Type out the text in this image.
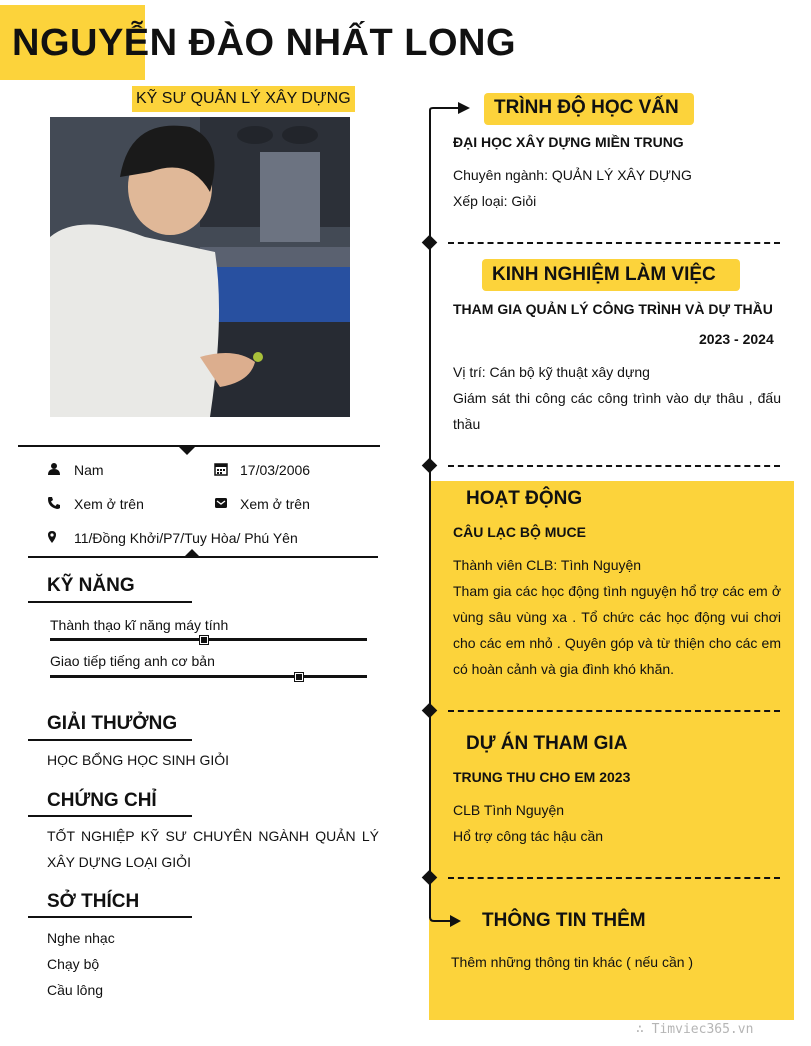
NGUYỄN ĐÀO NHẤT LONG
KỸ SƯ QUẢN LÝ XÂY DỰNG
Nam	17/03/2006
Xem ở trên	Xem ở trên
11/Đồng Khởi/P7/Tuy Hòa/ Phú Yên
KỸ NĂNG
Thành thạo kĩ năng máy tính
Giao tiếp tiếng anh cơ bản
GIẢI THƯỞNG
HỌC BỔNG HỌC SINH GIỎI
CHỨNG CHỈ
TỐT NGHIỆP KỸ SƯ CHUYÊN NGÀNH QUẢN LÝ XÂY DỰNG LOẠI GIỎI
SỞ THÍCH
Nghe nhạc
Chạy bộ
Cầu lông
TRÌNH ĐỘ HỌC VẤN
ĐẠI HỌC XÂY DỰNG MIỀN TRUNG
Chuyên ngành: QUẢN LÝ XÂY DỰNG
Xếp loại: Giỏi
KINH NGHIỆM LÀM VIỆC
THAM GIA QUẢN LÝ CÔNG TRÌNH VÀ DỰ THẦU
2023 - 2024
Vị trí: Cán bộ kỹ thuật xây dựng
Giám sát thi công các công trình vào dự thâu , đấu thầu
HOẠT ĐỘNG
CÂU LẠC BỘ MUCE
Thành viên CLB: Tình Nguyện
Tham gia các học động tình nguyện hổ trợ các em ở vùng sâu vùng xa . Tổ chức các học động vui chơi cho các em nhỏ . Quyên góp và từ thiện cho các em có hoàn cảnh và gia đình khó khăn.
DỰ ÁN THAM GIA
TRUNG THU CHO EM 2023
CLB Tình Nguyện
Hổ trợ công tác hậu cần
THÔNG TIN THÊM
Thêm những thông tin khác ( nếu cần )
∴ Timviec365.vn
